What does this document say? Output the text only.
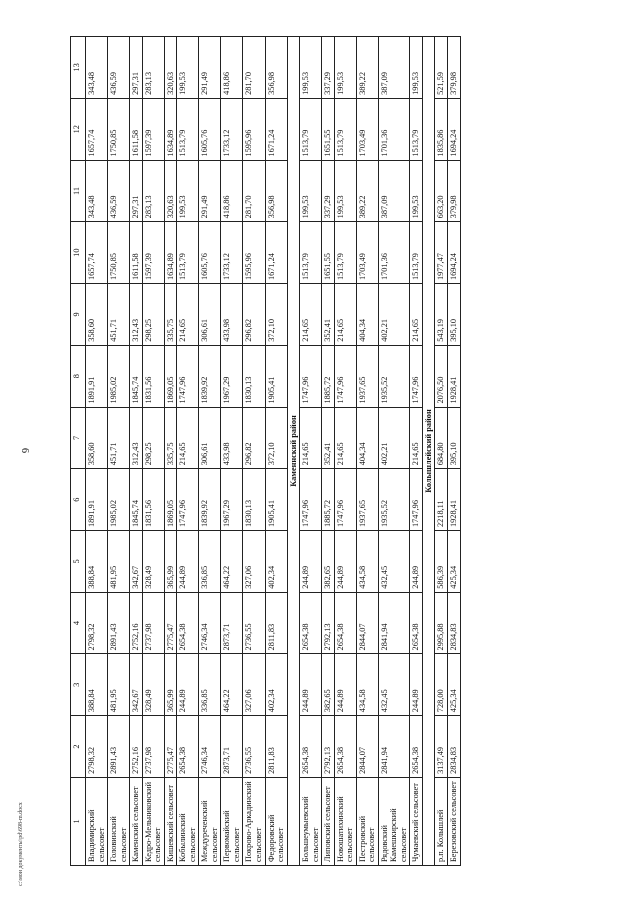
6
1	2	3	4	5	6	7	8	9	10	11	12	13
Владимирский сельсовет	2798,32	388,84	2798,32	388,84	1891,91	358,60	1891,91	358,60	1657,74	343,48	1657,74	343,48
Головинский сельсовет	2891,43	481,95	2891,43	481,95	1985,02	451,71	1985,02	451,71	1750,85	436,59	1750,85	436,59
Каменский сельсовет	2752,16	342,67	2752,16	342,67	1845,74	312,43	1845,74	312,43	1611,58	297,31	1611,58	297,31
Кедро-Мельниковский сельсовет	2737,98	328,49	2737,98	328,49	1831,56	298,25	1831,56	298,25	1597,39	283,13	1597,39	283,13
Кишевский сельсовет	2775,47	365,99	2775,47	365,99	1869,05	335,75	1869,05	335,75	1634,89	320,63	1634,89	320,63
Кобылинский сельсовет	2654,38	244,89	2654,38	244,89	1747,96	214,65	1747,96	214,65	1513,79	199,53	1513,79	199,53
Междуреченский сельсовет	2746,34	336,85	2746,34	336,85	1839,92	306,61	1839,92	306,61	1605,76	291,49	1605,76	291,49
Первомайский сельсовет	2873,71	464,22	2873,71	464,22	1967,29	433,98	1967,29	433,98	1733,12	418,86	1733,12	418,86
Покрово-Аркадинский сельсовет	2736,55	327,06	2736,55	327,06	1830,13	296,82	1830,13	296,82	1595,96	281,70	1595,96	281,70
Федоровский сельсовет	2811,83	402,34	2811,83	402,34	1905,41	372,10	1905,41	372,10	1671,24	356,98	1671,24	356,98
Каменнский район												
Большеумыевский сельсовет	2654,38	244,89	2654,38	244,89	1747,96	214,65	1747,96	214,65	1513,79	199,53	1513,79	199,53
Липовский сельсовет	2792,13	382,65	2792,13	382,65	1885,72	352,41	1885,72	352,41	1651,55	337,29	1651,55	337,29
Новошатихинский сельсовет	2654,38	244,89	2654,38	244,89	1747,96	214,65	1747,96	214,65	1513,79	199,53	1513,79	199,53
Пестровский сельсовет	2844,07	434,58	2844,07	434,58	1937,65	404,34	1937,65	404,34	1703,49	389,22	1703,49	389,22
Рядовский Камешкирский сельсовет	2841,94	432,45	2841,94	432,45	1935,52	402,21	1935,52	402,21	1701,36	387,09	1701,36	387,09
Чумаевский сельсовет	2654,38	244,89	2654,38	244,89	1747,96	214,65	1747,96	214,65	1513,79	199,53	1513,79	199,53
Колышлейский район												
р.п. Колышлей	3137,49	728,00	2995,88	586,39	2218,11	684,80	2076,50	543,19	1977,47	663,20	1835,86	521,59
Березовский сельсовет	2834,83	425,34	2834,83	425,34	1928,41	395,10	1928,41	395,10	1694,24	379,98	1694,24	379,98
c:\мои документы\pd\698-m.docx
